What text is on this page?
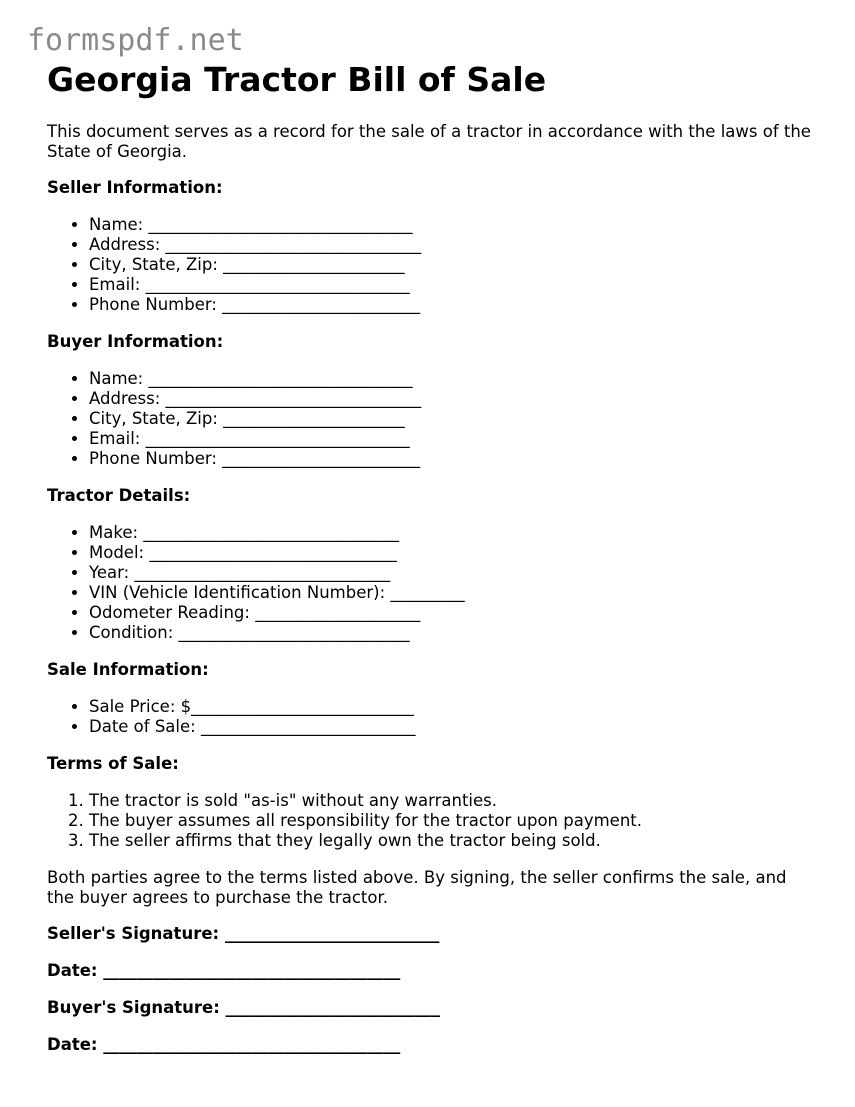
formspdf.net
Georgia Tractor Bill of Sale

This document serves as a record for the sale of a tractor in accordance with the laws of the State of Georgia.

Seller Information:
• Name: ________________________________
• Address: _______________________________
• City, State, Zip: ______________________
• Email: ________________________________
• Phone Number: ________________________
Buyer Information:
• Name: ________________________________
• Address: _______________________________
• City, State, Zip: ______________________
• Email: ________________________________
• Phone Number: ________________________
Tractor Details:
• Make: _______________________________
• Model: ______________________________
• Year: _______________________________
• VIN (Vehicle Identification Number): _________
• Odometer Reading: ____________________
• Condition: ____________________________
Sale Information:
• Sale Price: $___________________________
• Date of Sale: __________________________
Terms of Sale:
1. The tractor is sold "as-is" without any warranties.
2. The buyer assumes all responsibility for the tractor upon payment.
3. The seller affirms that they legally own the tractor being sold.

Both parties agree to the terms listed above. By signing, the seller confirms the sale, and the buyer agrees to purchase the tractor.

Seller's Signature: __________________________
Date: ____________________________________
Buyer's Signature: __________________________
Date: ____________________________________
